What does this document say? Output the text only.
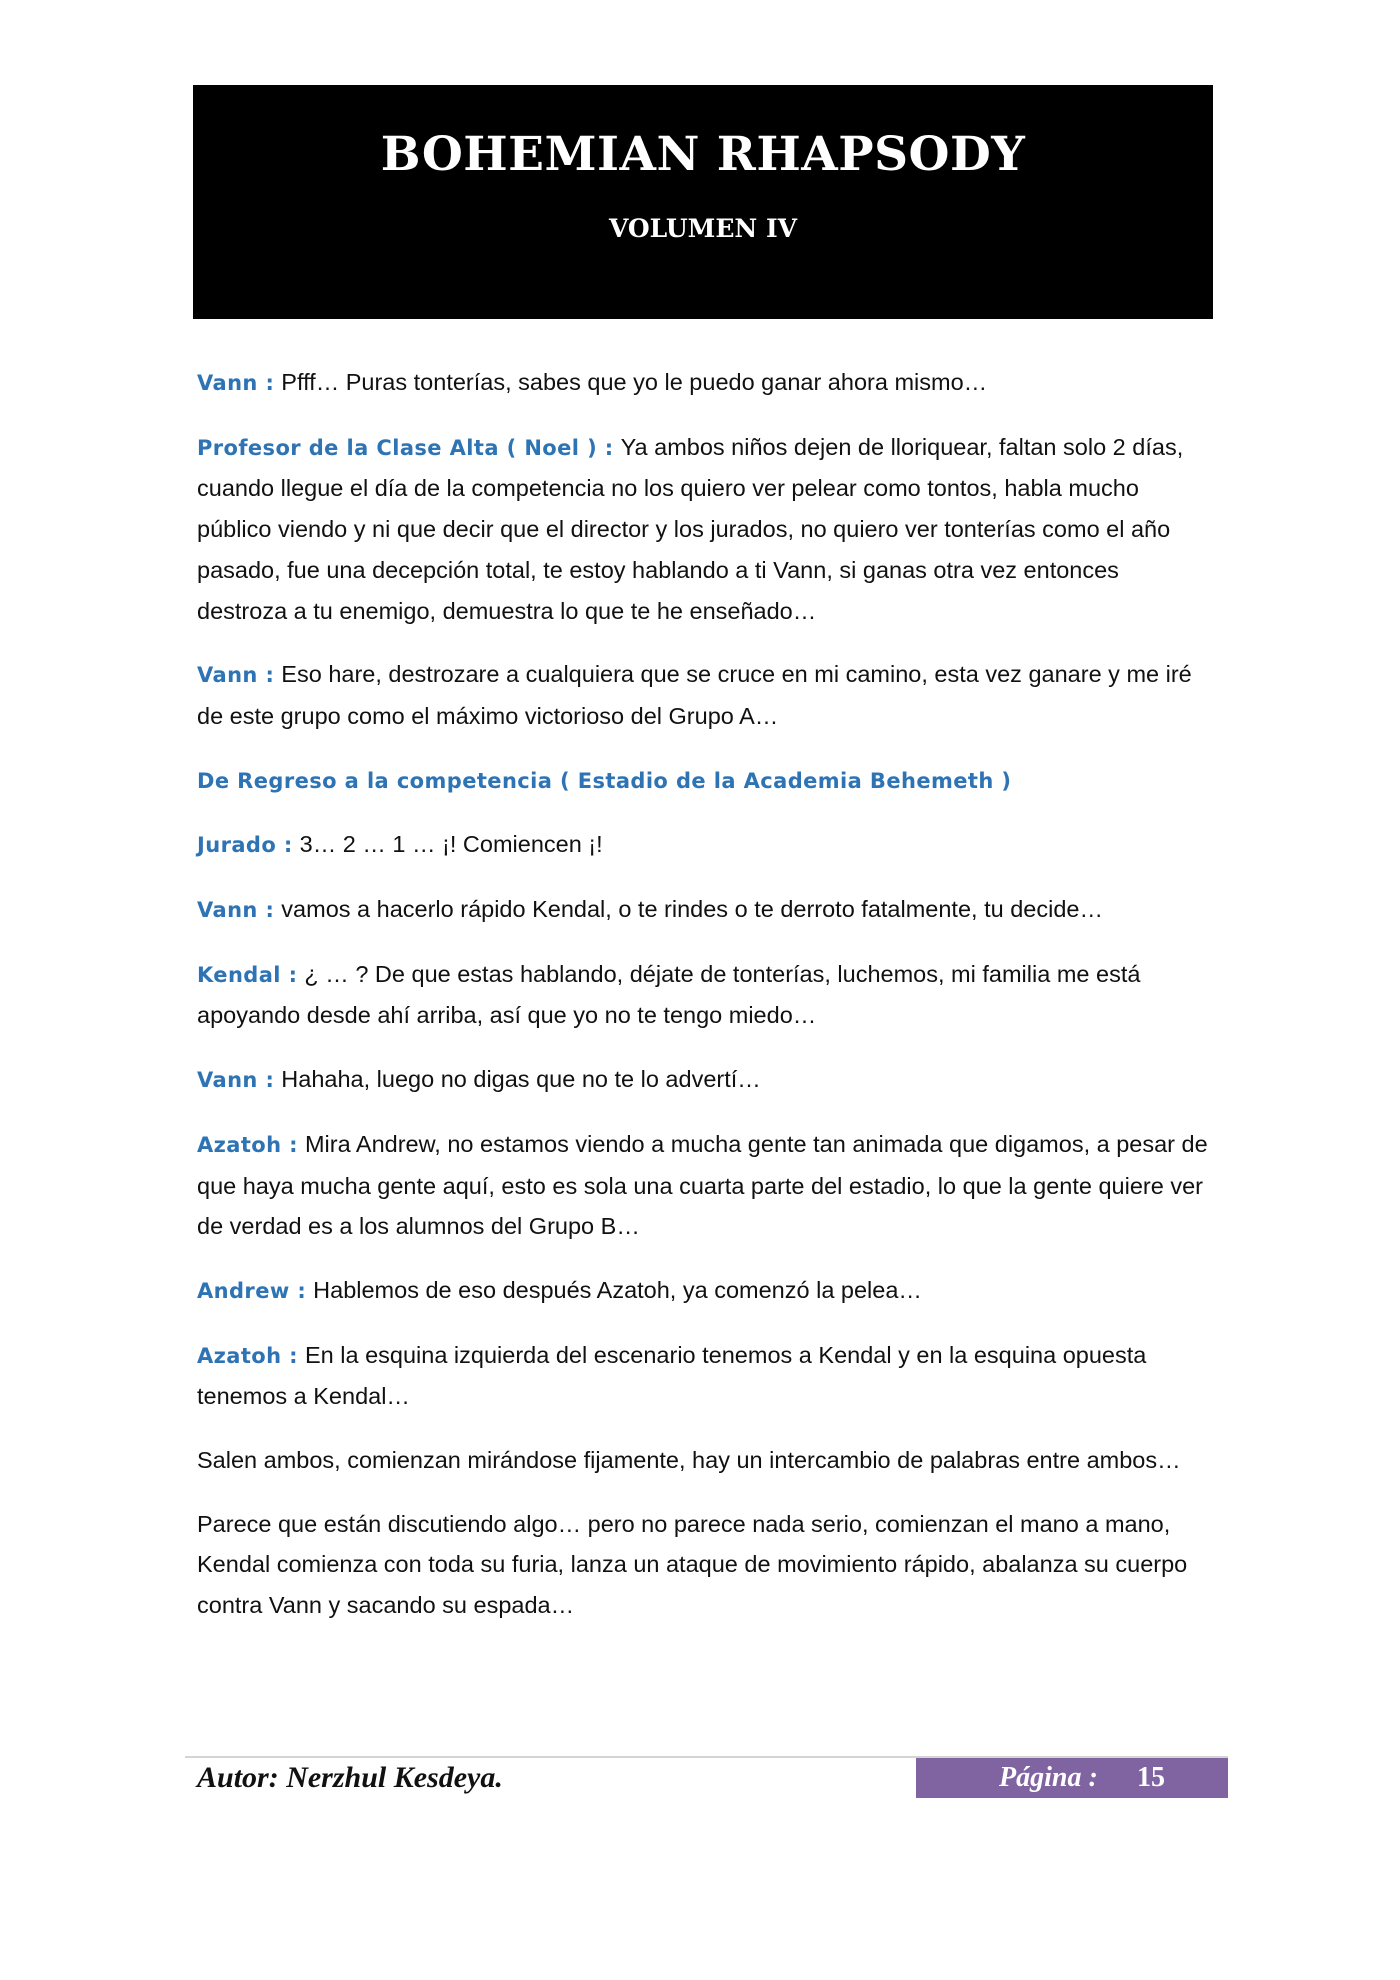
BOHEMIAN RHAPSODY
VOLUMEN IV

Vann : Pfff… Puras tonterías, sabes que yo le puedo ganar ahora mismo…

Profesor de la Clase Alta ( Noel ) : Ya ambos niños dejen de lloriquear, faltan solo 2 días, cuando llegue el día de la competencia no los quiero ver pelear como tontos, habla mucho público viendo y ni que decir que el director y los jurados, no quiero ver tonterías como el año pasado, fue una decepción total, te estoy hablando a ti Vann, si ganas otra vez entonces destroza a tu enemigo, demuestra lo que te he enseñado…

Vann : Eso hare, destrozare a cualquiera que se cruce en mi camino, esta vez ganare y me iré de este grupo como el máximo victorioso del Grupo A…

De Regreso a la competencia ( Estadio de la Academia Behemeth )

Jurado : 3… 2 … 1 … ¡! Comiencen ¡!

Vann : vamos a hacerlo rápido Kendal, o te rindes o te derroto fatalmente, tu decide…

Kendal : ¿ … ? De que estas hablando, déjate de tonterías, luchemos, mi familia me está apoyando desde ahí arriba, así que yo no te tengo miedo…

Vann : Hahaha, luego no digas que no te lo advertí…

Azatoh : Mira Andrew, no estamos viendo a mucha gente tan animada que digamos, a pesar de que haya mucha gente aquí, esto es sola una cuarta parte del estadio, lo que la gente quiere ver de verdad es a los alumnos del Grupo B…

Andrew : Hablemos de eso después Azatoh, ya comenzó la pelea…

Azatoh : En la esquina izquierda del escenario tenemos a Kendal y en la esquina opuesta tenemos a Kendal…

Salen ambos, comienzan mirándose fijamente, hay un intercambio de palabras entre ambos…

Parece que están discutiendo algo… pero no parece nada serio, comienzan el mano a mano, Kendal comienza con toda su furia, lanza un ataque de movimiento rápido, abalanza su cuerpo contra Vann y sacando su espada…

Autor: Nerzhul Kesdeya.	Página : 15
